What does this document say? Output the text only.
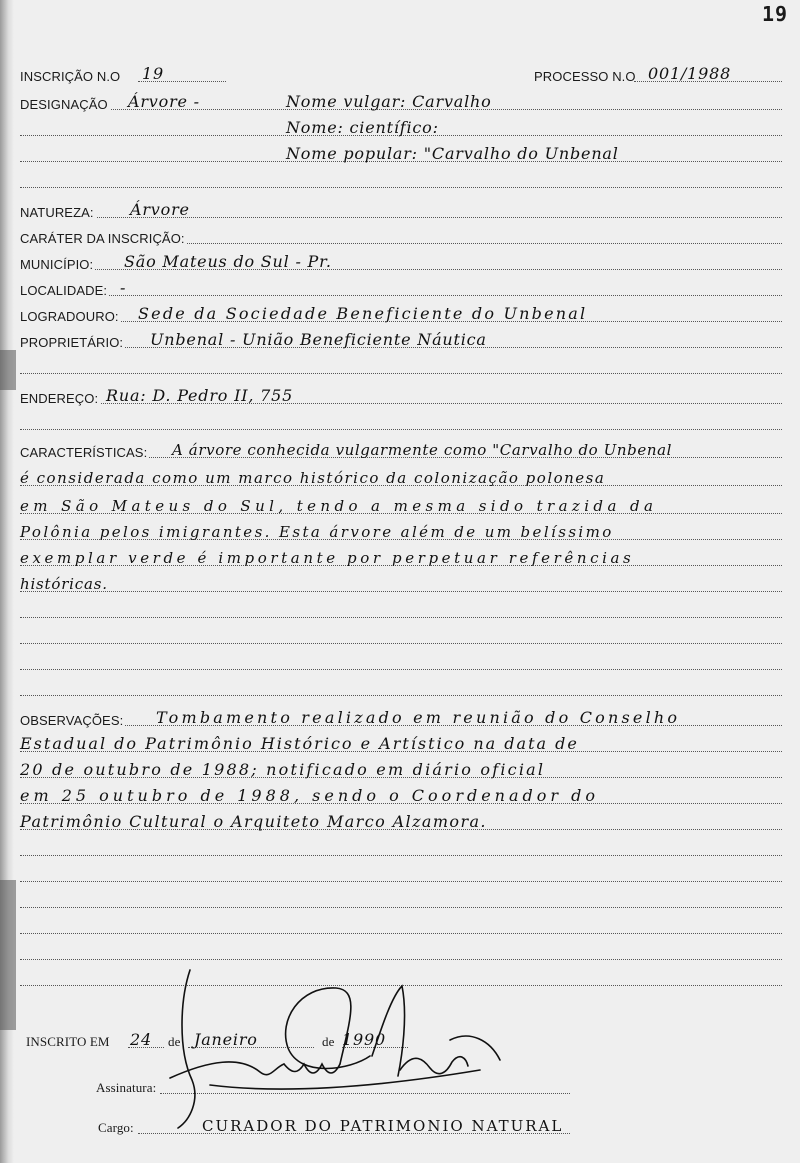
19
INSCRIÇÃO N.O 19	PROCESSO N.O 001/1988
DESIGNAÇÃO Árvore -	Nome vulgar: Carvalho
Nome: científico:
Nome popular: "Carvalho do Unbenal
NATUREZA: Árvore
CARÁTER DA INSCRIÇÃO:
MUNICÍPIO: São Mateus do Sul - Pr.
LOCALIDADE: -
LOGRADOURO: Sede da Sociedade Beneficiente do Unbenal
PROPRIETÁRIO: Unbenal - União Beneficiente Náutica
ENDEREÇO: Rua: D. Pedro II, 755
CARACTERÍSTICAS: A árvore conhecida vulgarmente como "Carvalho do Unbenal
é considerada como um marco histórico da colonização polonesa
em São Mateus do Sul, tendo a mesma sido trazida da
Polônia pelos imigrantes. Esta árvore além de um belíssimo
exemplar verde é importante por perpetuar referências
históricas.
OBSERVAÇÕES: Tombamento realizado em reunião do Conselho
Estadual do Patrimônio Histórico e Artístico na data de
20 de outubro de 1988; notificado em diário oficial
em 25 outubro de 1988, sendo o Coordenador do
Patrimônio Cultural o Arquiteto Marco Alzamora.
INSCRITO EM 24 de Janeiro	de 1990
Assinatura:
Cargo:	CURADOR DO PATRIMONIO NATURAL
